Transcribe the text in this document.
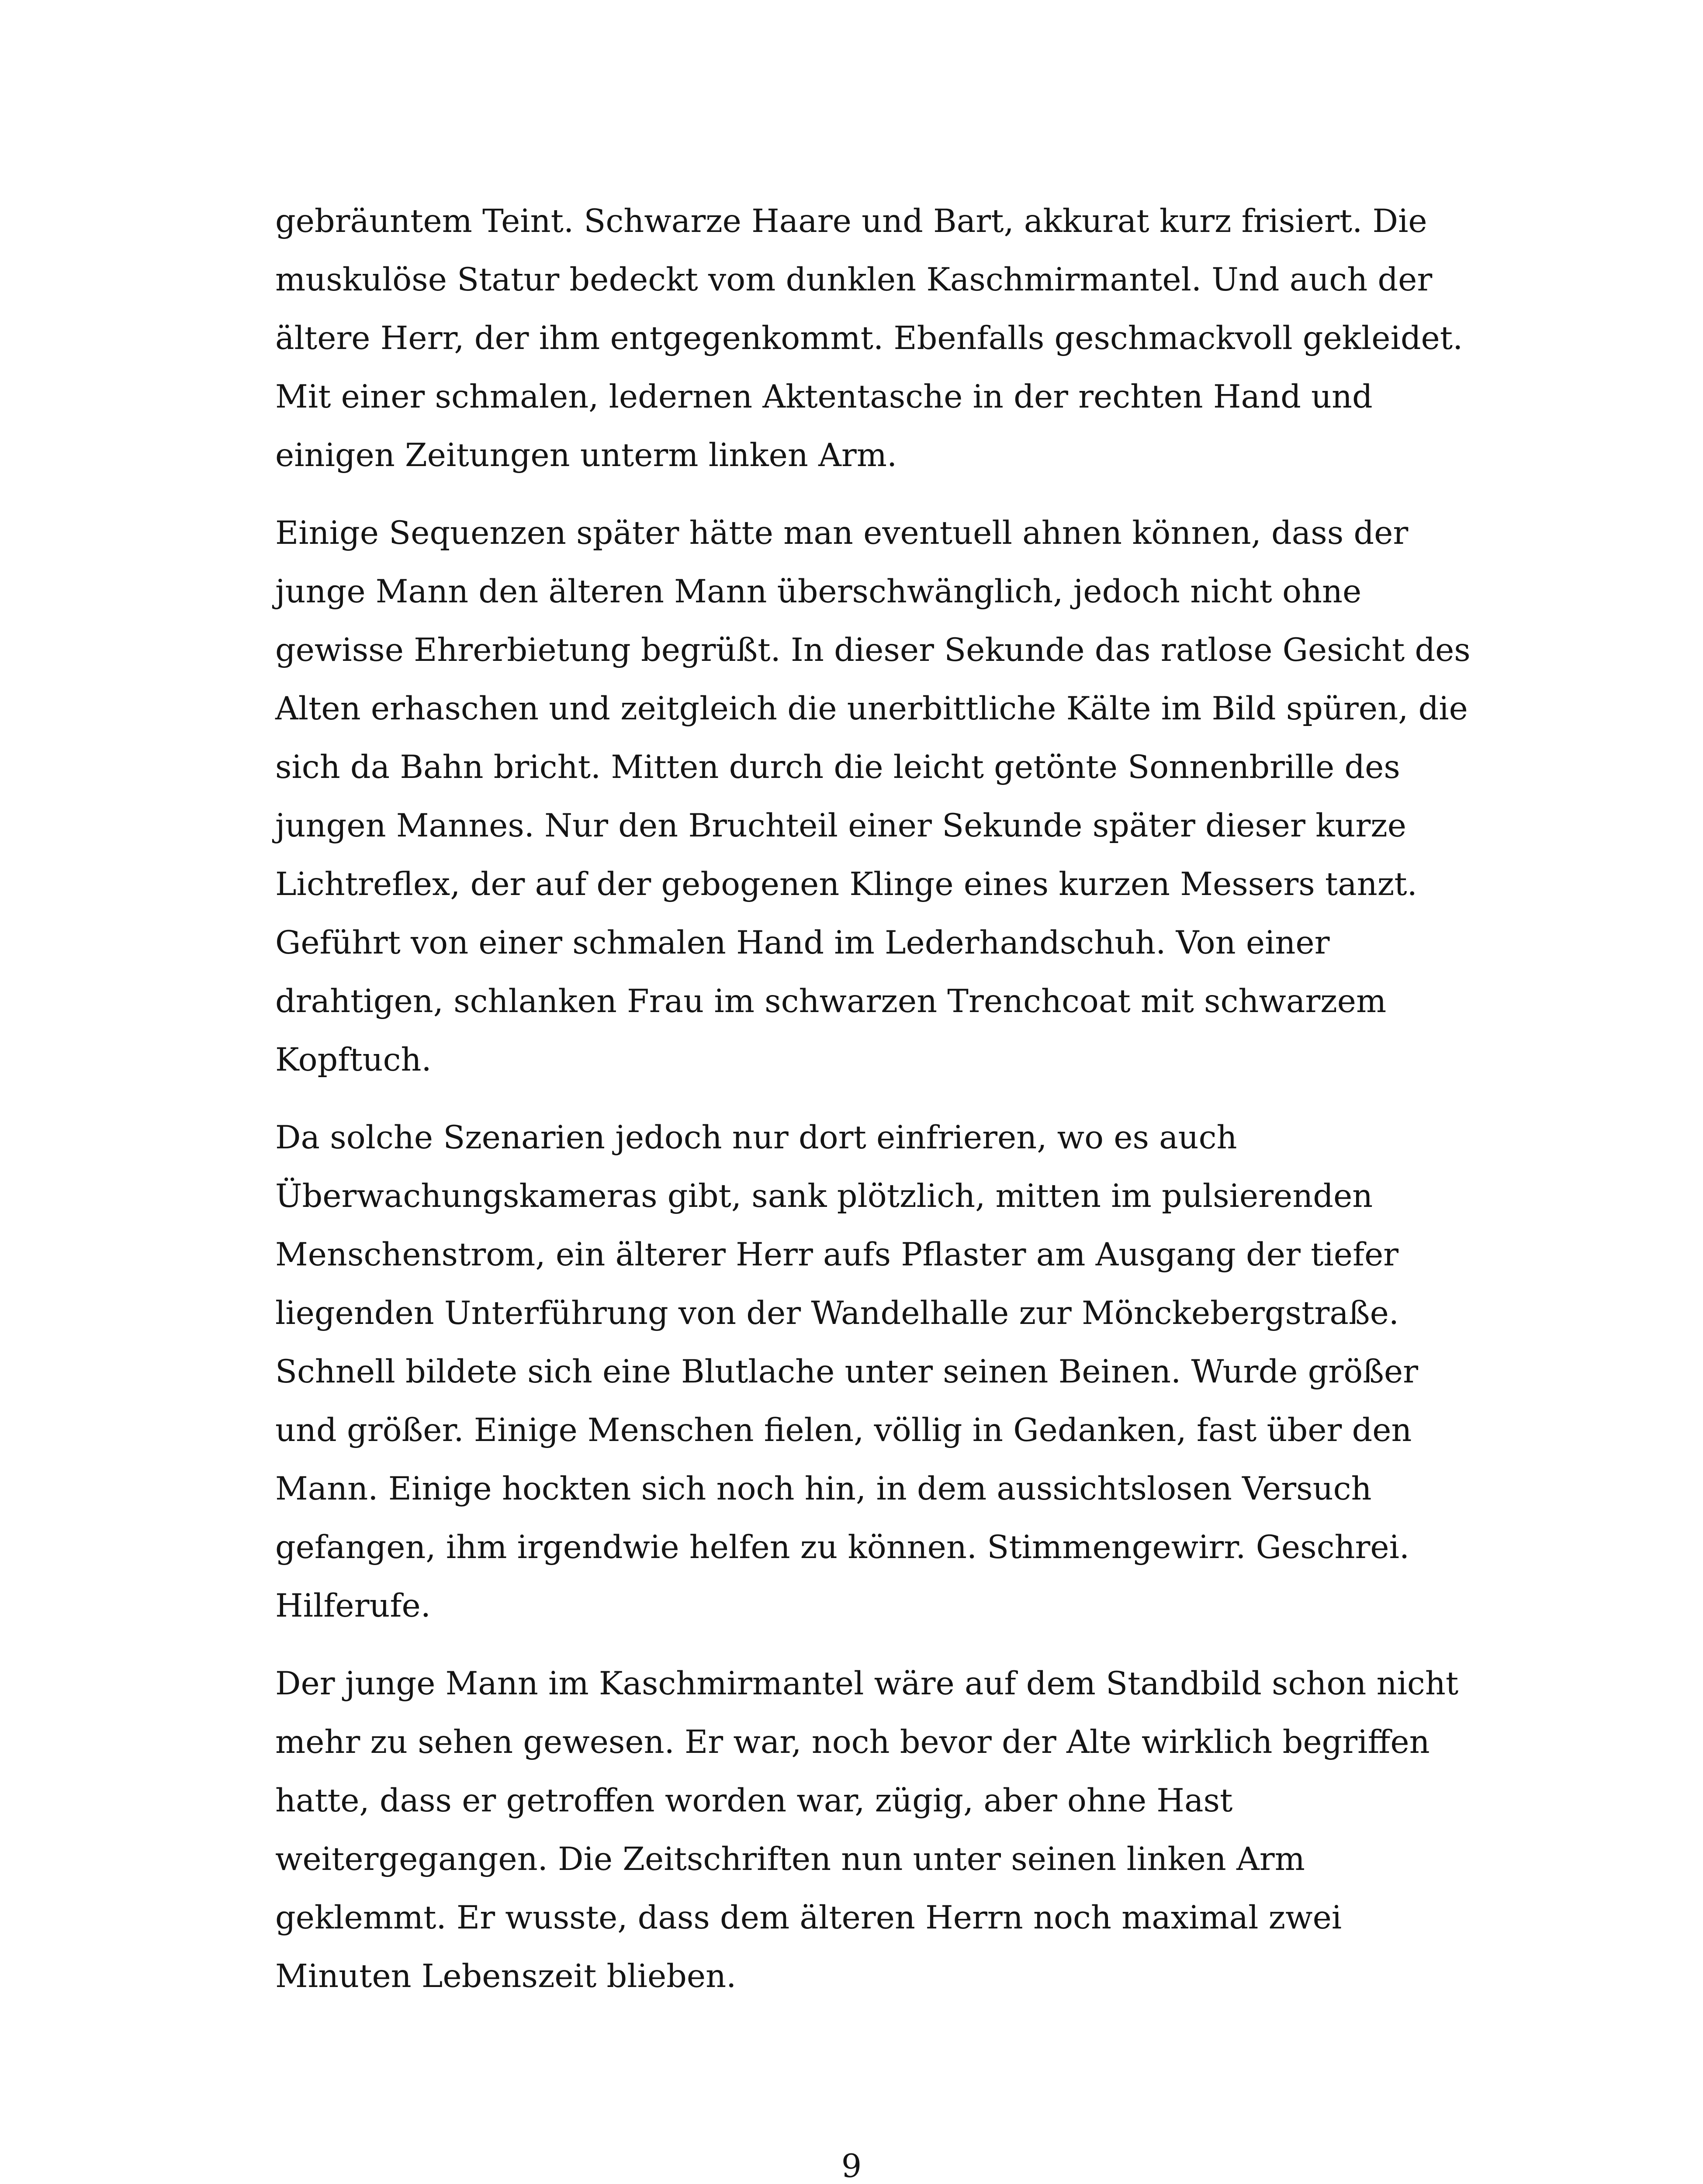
gebräuntem Teint. Schwarze Haare und Bart, akkurat kurz frisiert. Die
muskulöse Statur bedeckt vom dunklen Kaschmirmantel. Und auch der
ältere Herr, der ihm entgegenkommt. Ebenfalls geschmackvoll gekleidet.
Mit einer schmalen, ledernen Aktentasche in der rechten Hand und
einigen Zeitungen unterm linken Arm.
Einige Sequenzen später hätte man eventuell ahnen können, dass der
junge Mann den älteren Mann überschwänglich, jedoch nicht ohne
gewisse Ehrerbietung begrüßt. In dieser Sekunde das ratlose Gesicht des
Alten erhaschen und zeitgleich die unerbittliche Kälte im Bild spüren, die
sich da Bahn bricht. Mitten durch die leicht getönte Sonnenbrille des
jungen Mannes. Nur den Bruchteil einer Sekunde später dieser kurze
Lichtreflex, der auf der gebogenen Klinge eines kurzen Messers tanzt.
Geführt von einer schmalen Hand im Lederhandschuh. Von einer
drahtigen, schlanken Frau im schwarzen Trenchcoat mit schwarzem
Kopftuch.
Da solche Szenarien jedoch nur dort einfrieren, wo es auch
Überwachungskameras gibt, sank plötzlich, mitten im pulsierenden
Menschenstrom, ein älterer Herr aufs Pflaster am Ausgang der tiefer
liegenden Unterführung von der Wandelhalle zur Mönckebergstraße.
Schnell bildete sich eine Blutlache unter seinen Beinen. Wurde größer
und größer. Einige Menschen fielen, völlig in Gedanken, fast über den
Mann. Einige hockten sich noch hin, in dem aussichtslosen Versuch
gefangen, ihm irgendwie helfen zu können. Stimmengewirr. Geschrei.
Hilferufe.
Der junge Mann im Kaschmirmantel wäre auf dem Standbild schon nicht
mehr zu sehen gewesen. Er war, noch bevor der Alte wirklich begriffen
hatte, dass er getroffen worden war, zügig, aber ohne Hast
weitergegangen. Die Zeitschriften nun unter seinen linken Arm
geklemmt. Er wusste, dass dem älteren Herrn noch maximal zwei
Minuten Lebenszeit blieben.
9
